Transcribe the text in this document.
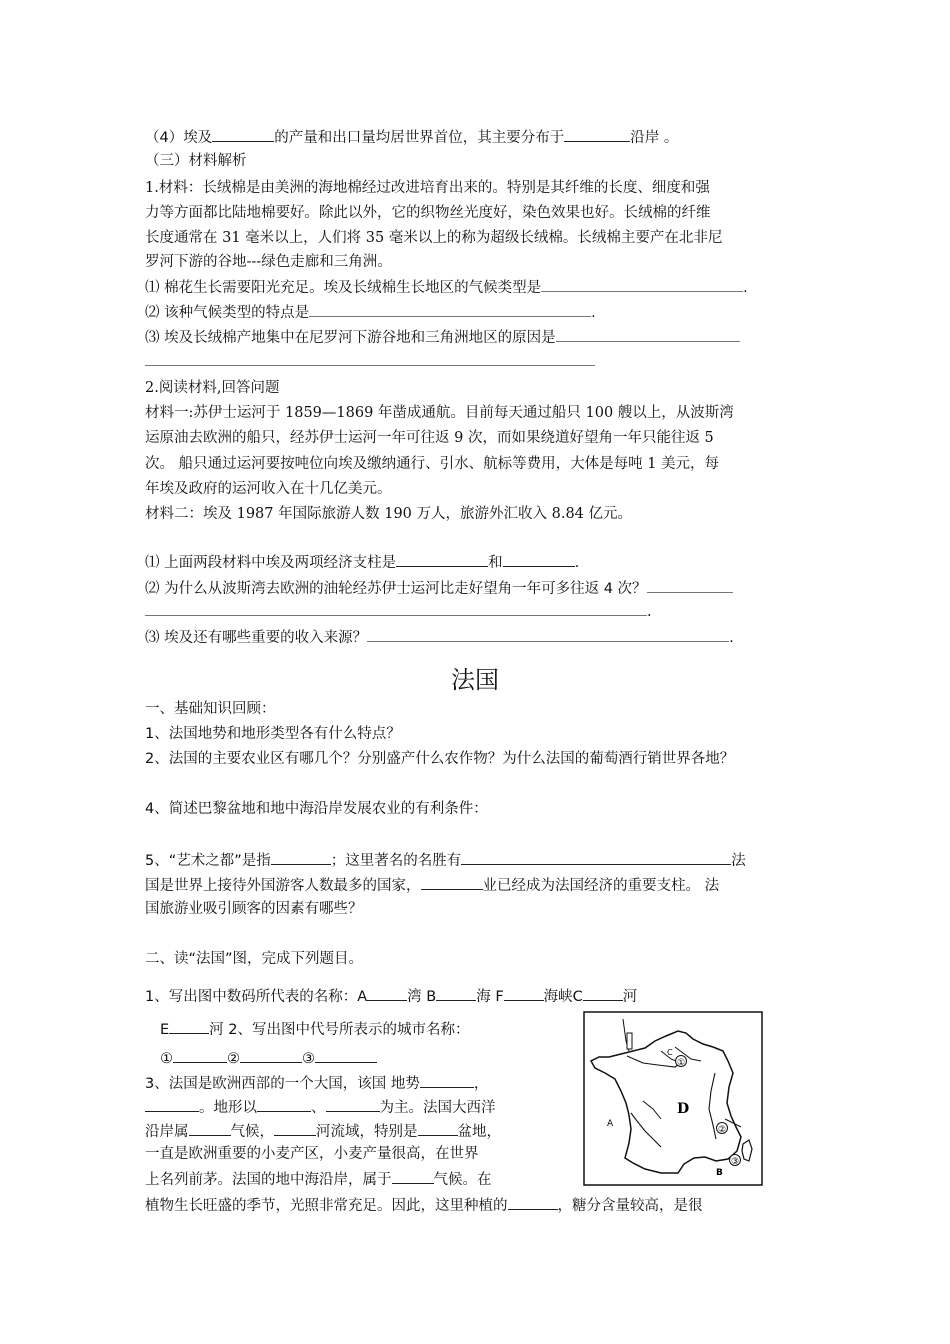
（4）埃及	的产量和出口量均居世界首位，其主要分布于	沿岸 。
（三）材料解析
1.材料：长绒棉是由美洲的海地棉经过改进培育出来的。特别是其纤维的长度、细度和强
力等方面都比陆地棉要好。除此以外，它的织物丝光度好，染色效果也好。长绒棉的纤维
长度通常在 31 毫米以上，人们将 35 毫米以上的称为超级长绒棉。长绒棉主要产在北非尼
罗河下游的谷地---绿色走廊和三角洲。
⑴ 棉花生长需要阳光充足。埃及长绒棉生长地区的气候类型是	.
⑵ 该种气候类型的特点是	.
⑶ 埃及长绒棉产地集中在尼罗河下游谷地和三角洲地区的原因是
2.阅读材料,回答问题
材料一:苏伊士运河于 1859—1869 年凿成通航。目前每天通过船只 100 艘以上，从波斯湾
运原油去欧洲的船只，经苏伊士运河一年可往返 9 次，而如果绕道好望角一年只能往返 5
次。 船只通过运河要按吨位向埃及缴纳通行、引水、航标等费用，大体是每吨 1 美元，每
年埃及政府的运河收入在十几亿美元。
材料二：埃及 1987 年国际旅游人数 190 万人，旅游外汇收入 8.84 亿元。
⑴ 上面两段材料中埃及两项经济支柱是	和	.
⑵ 为什么从波斯湾去欧洲的油轮经苏伊士运河比走好望角一年可多往返 4 次？
.
⑶ 埃及还有哪些重要的收入来源？	.
法国
一、基础知识回顾：
1、法国地势和地形类型各有什么特点？
2、法国的主要农业区有哪几个？分别盛产什么农作物？为什么法国的葡萄酒行销世界各地？
4、简述巴黎盆地和地中海沿岸发展农业的有利条件：
5、“艺术之都”是指	；这里著名的名胜有	法
国是世界上接待外国游客人数最多的国家，	业已经成为法国经济的重要支柱。 法
国旅游业吸引顾客的因素有哪些？
二、读“法国”图，完成下列题目。
1、写出图中数码所代表的名称：A	湾 B	海 F	海峡C	河
E	河 2、写出图中代号所表示的城市名称：
①	②	③
3、法国是欧洲西部的一个大国，该国 地势	，
。地形以	、	为主。法国大西洋
沿岸属	气候，	河流域，特别是	盆地，
一直是欧洲重要的小麦产区，小麦产量很高，在世界
上名列前茅。法国的地中海沿岸，属于	气候。在
植物生长旺盛的季节，光照非常充足。因此，这里种植的	，糖分含量较高，是很
①
②
③
C
D
A
B
